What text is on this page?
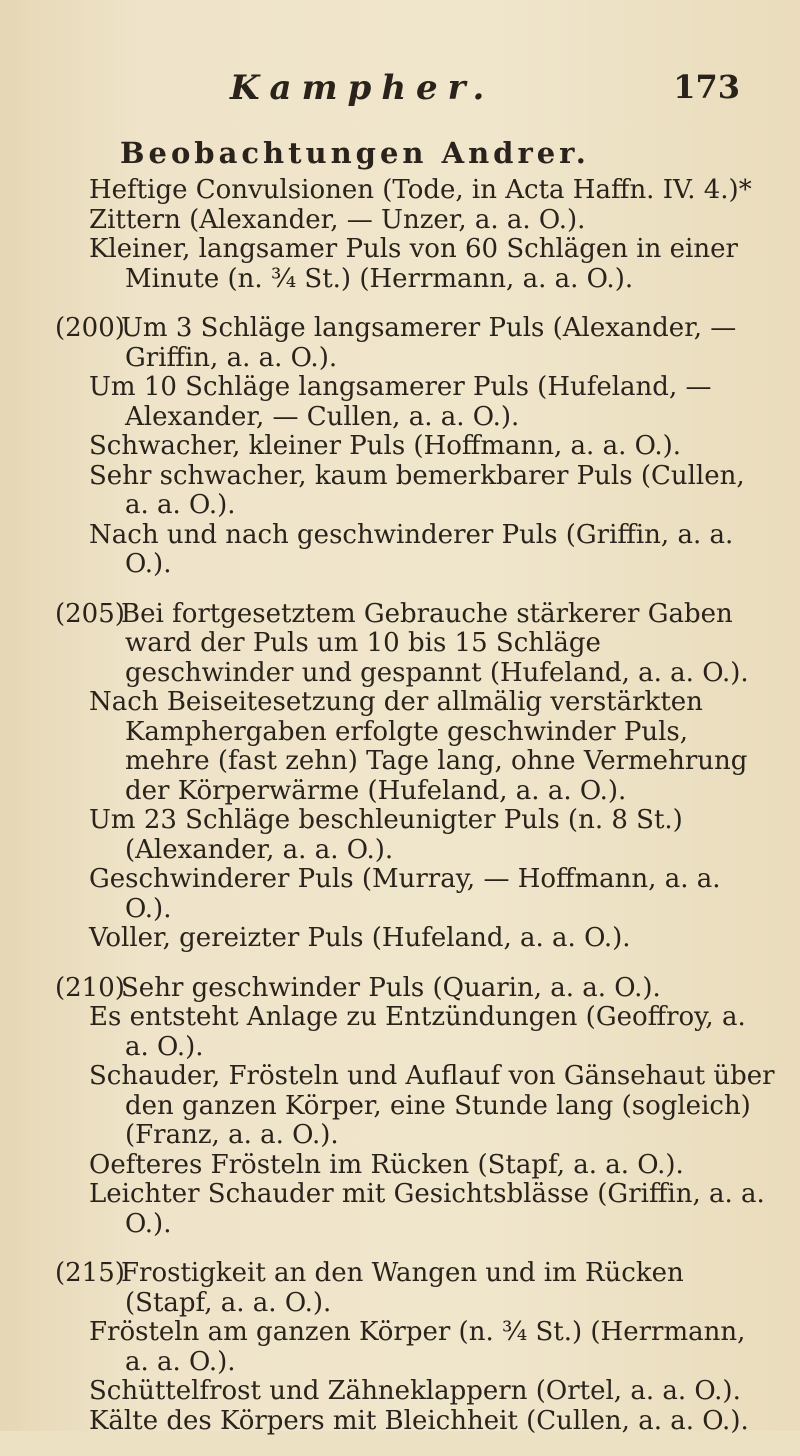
Kampher.	173
Beobachtungen Andrer.
Heftige Convulsionen (Tode, in Acta Haffn. IV. 4.)*
Zittern (Alexander, — Unzer, a. a. O.).
Kleiner, langsamer Puls von 60 Schlägen in einer Minute (n. ¾ St.) (Herrmann, a. a. O.).
(200)Um 3 Schläge langsamerer Puls (Alexander, — Griffin, a. a. O.).
Um 10 Schläge langsamerer Puls (Hufeland, — Alexander, — Cullen, a. a. O.).
Schwacher, kleiner Puls (Hoffmann, a. a. O.).
Sehr schwacher, kaum bemerkbarer Puls (Cullen, a. a. O.).
Nach und nach geschwinderer Puls (Griffin, a. a. O.).
(205)Bei fortgesetztem Gebrauche stärkerer Gaben ward der Puls um 10 bis 15 Schläge geschwinder und gespannt (Hufeland, a. a. O.).
Nach Beiseitesetzung der allmälig verstärkten Kamphergaben erfolgte geschwinder Puls, mehre (fast zehn) Tage lang, ohne Vermehrung der Körperwärme (Hufeland, a. a. O.).
Um 23 Schläge beschleunigter Puls (n. 8 St.) (Alexander, a. a. O.).
Geschwinderer Puls (Murray, — Hoffmann, a. a. O.).
Voller, gereizter Puls (Hufeland, a. a. O.).
(210)Sehr geschwinder Puls (Quarin, a. a. O.).
Es entsteht Anlage zu Entzündungen (Geoffroy, a. a. O.).
Schauder, Frösteln und Auflauf von Gänsehaut über den ganzen Körper, eine Stunde lang (sogleich) (Franz, a. a. O.).
Oefteres Frösteln im Rücken (Stapf, a. a. O.).
Leichter Schauder mit Gesichtsblässe (Griffin, a. a. O.).
(215)Frostigkeit an den Wangen und im Rücken (Stapf, a. a. O.).
Frösteln am ganzen Körper (n. ¾ St.) (Herrmann, a. a. O.).
Schüttelfrost und Zähneklappern (Ortel, a. a. O.).
Kälte des Körpers mit Bleichheit (Cullen, a. a. O.).
